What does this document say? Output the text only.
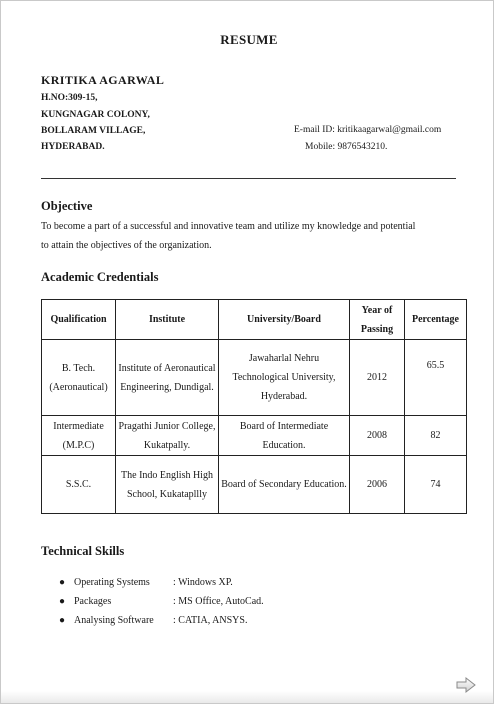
RESUME
KRITIKA AGARWAL
H.NO:309-15,
KUNGNAGAR COLONY,
BOLLARAM VILLAGE,
HYDERABAD.
E-mail ID: kritikaagarwal@gmail.com
Mobile: 9876543210.
Objective
To become a part of a successful and innovative team and utilize my knowledge and potential
to attain the objectives of the organization.
Academic Credentials
Qualification	Institute	University/Board	Year of Passing	Percentage
B. Tech. (Aeronautical)	Institute of Aeronautical Engineering, Dundigal.	Jawaharlal Nehru Technological University, Hyderabad.	2012	65.5
Intermediate (M.P.C)	Pragathi Junior College, Kukatpally.	Board of Intermediate Education.	2008	82
S.S.C.	The Indo English High School, Kukatapllly	Board of Secondary Education.	2006	74
Technical Skills
● Operating Systems : Windows XP.
● Packages	: MS Office, AutoCad.
● Analysing Software : CATIA, ANSYS.
